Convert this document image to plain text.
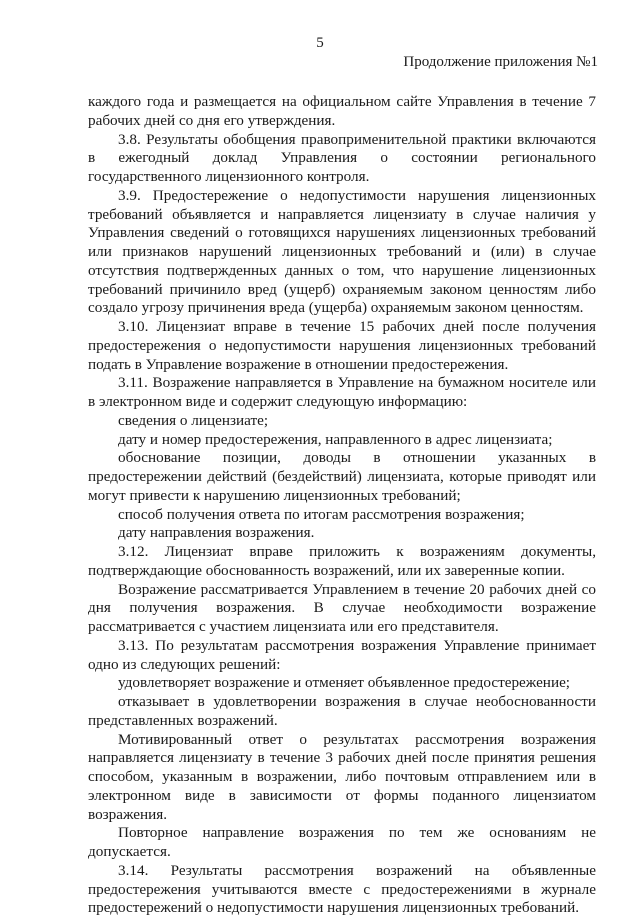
5
Продолжение приложения №1

каждого года и размещается на официальном сайте Управления в течение 7 рабочих дней со дня его утверждения.

3.8. Результаты обобщения правоприменительной практики включаются в ежегодный доклад Управления о состоянии регионального государственного лицензионного контроля.

3.9. Предостережение о недопустимости нарушения лицензионных требований объявляется и направляется лицензиату в случае наличия у Управления сведений о готовящихся нарушениях лицензионных требований или признаков нарушений лицензионных требований и (или) в случае отсутствия подтвержденных данных о том, что нарушение лицензионных требований причинило вред (ущерб) охраняемым законом ценностям либо создало угрозу причинения вреда (ущерба) охраняемым законом ценностям.

3.10. Лицензиат вправе в течение 15 рабочих дней после получения предостережения о недопустимости нарушения лицензионных требований подать в Управление возражение в отношении предостережения.

3.11. Возражение направляется в Управление на бумажном носителе или в электронном виде и содержит следующую информацию:

сведения о лицензиате;

дату и номер предостережения, направленного в адрес лицензиата;

обоснование позиции, доводы в отношении указанных в предостережении действий (бездействий) лицензиата, которые приводят или могут привести к нарушению лицензионных требований;

способ получения ответа по итогам рассмотрения возражения;

дату направления возражения.

3.12. Лицензиат вправе приложить к возражениям документы, подтверждающие обоснованность возражений, или их заверенные копии.

Возражение рассматривается Управлением в течение 20 рабочих дней со дня получения возражения. В случае необходимости возражение рассматривается с участием лицензиата или его представителя.

3.13. По результатам рассмотрения возражения Управление принимает одно из следующих решений:

удовлетворяет возражение и отменяет объявленное предостережение;

отказывает в удовлетворении возражения в случае необоснованности представленных возражений.

Мотивированный ответ о результатах рассмотрения возражения направляется лицензиату в течение 3 рабочих дней после принятия решения способом, указанным в возражении, либо почтовым отправлением или в электронном виде в зависимости от формы поданного лицензиатом возражения.

Повторное направление возражения по тем же основаниям не допускается.

3.14. Результаты рассмотрения возражений на объявленные предостережения учитываются вместе с предостережениями в журнале предостережений о недопустимости нарушения лицензионных требований.
